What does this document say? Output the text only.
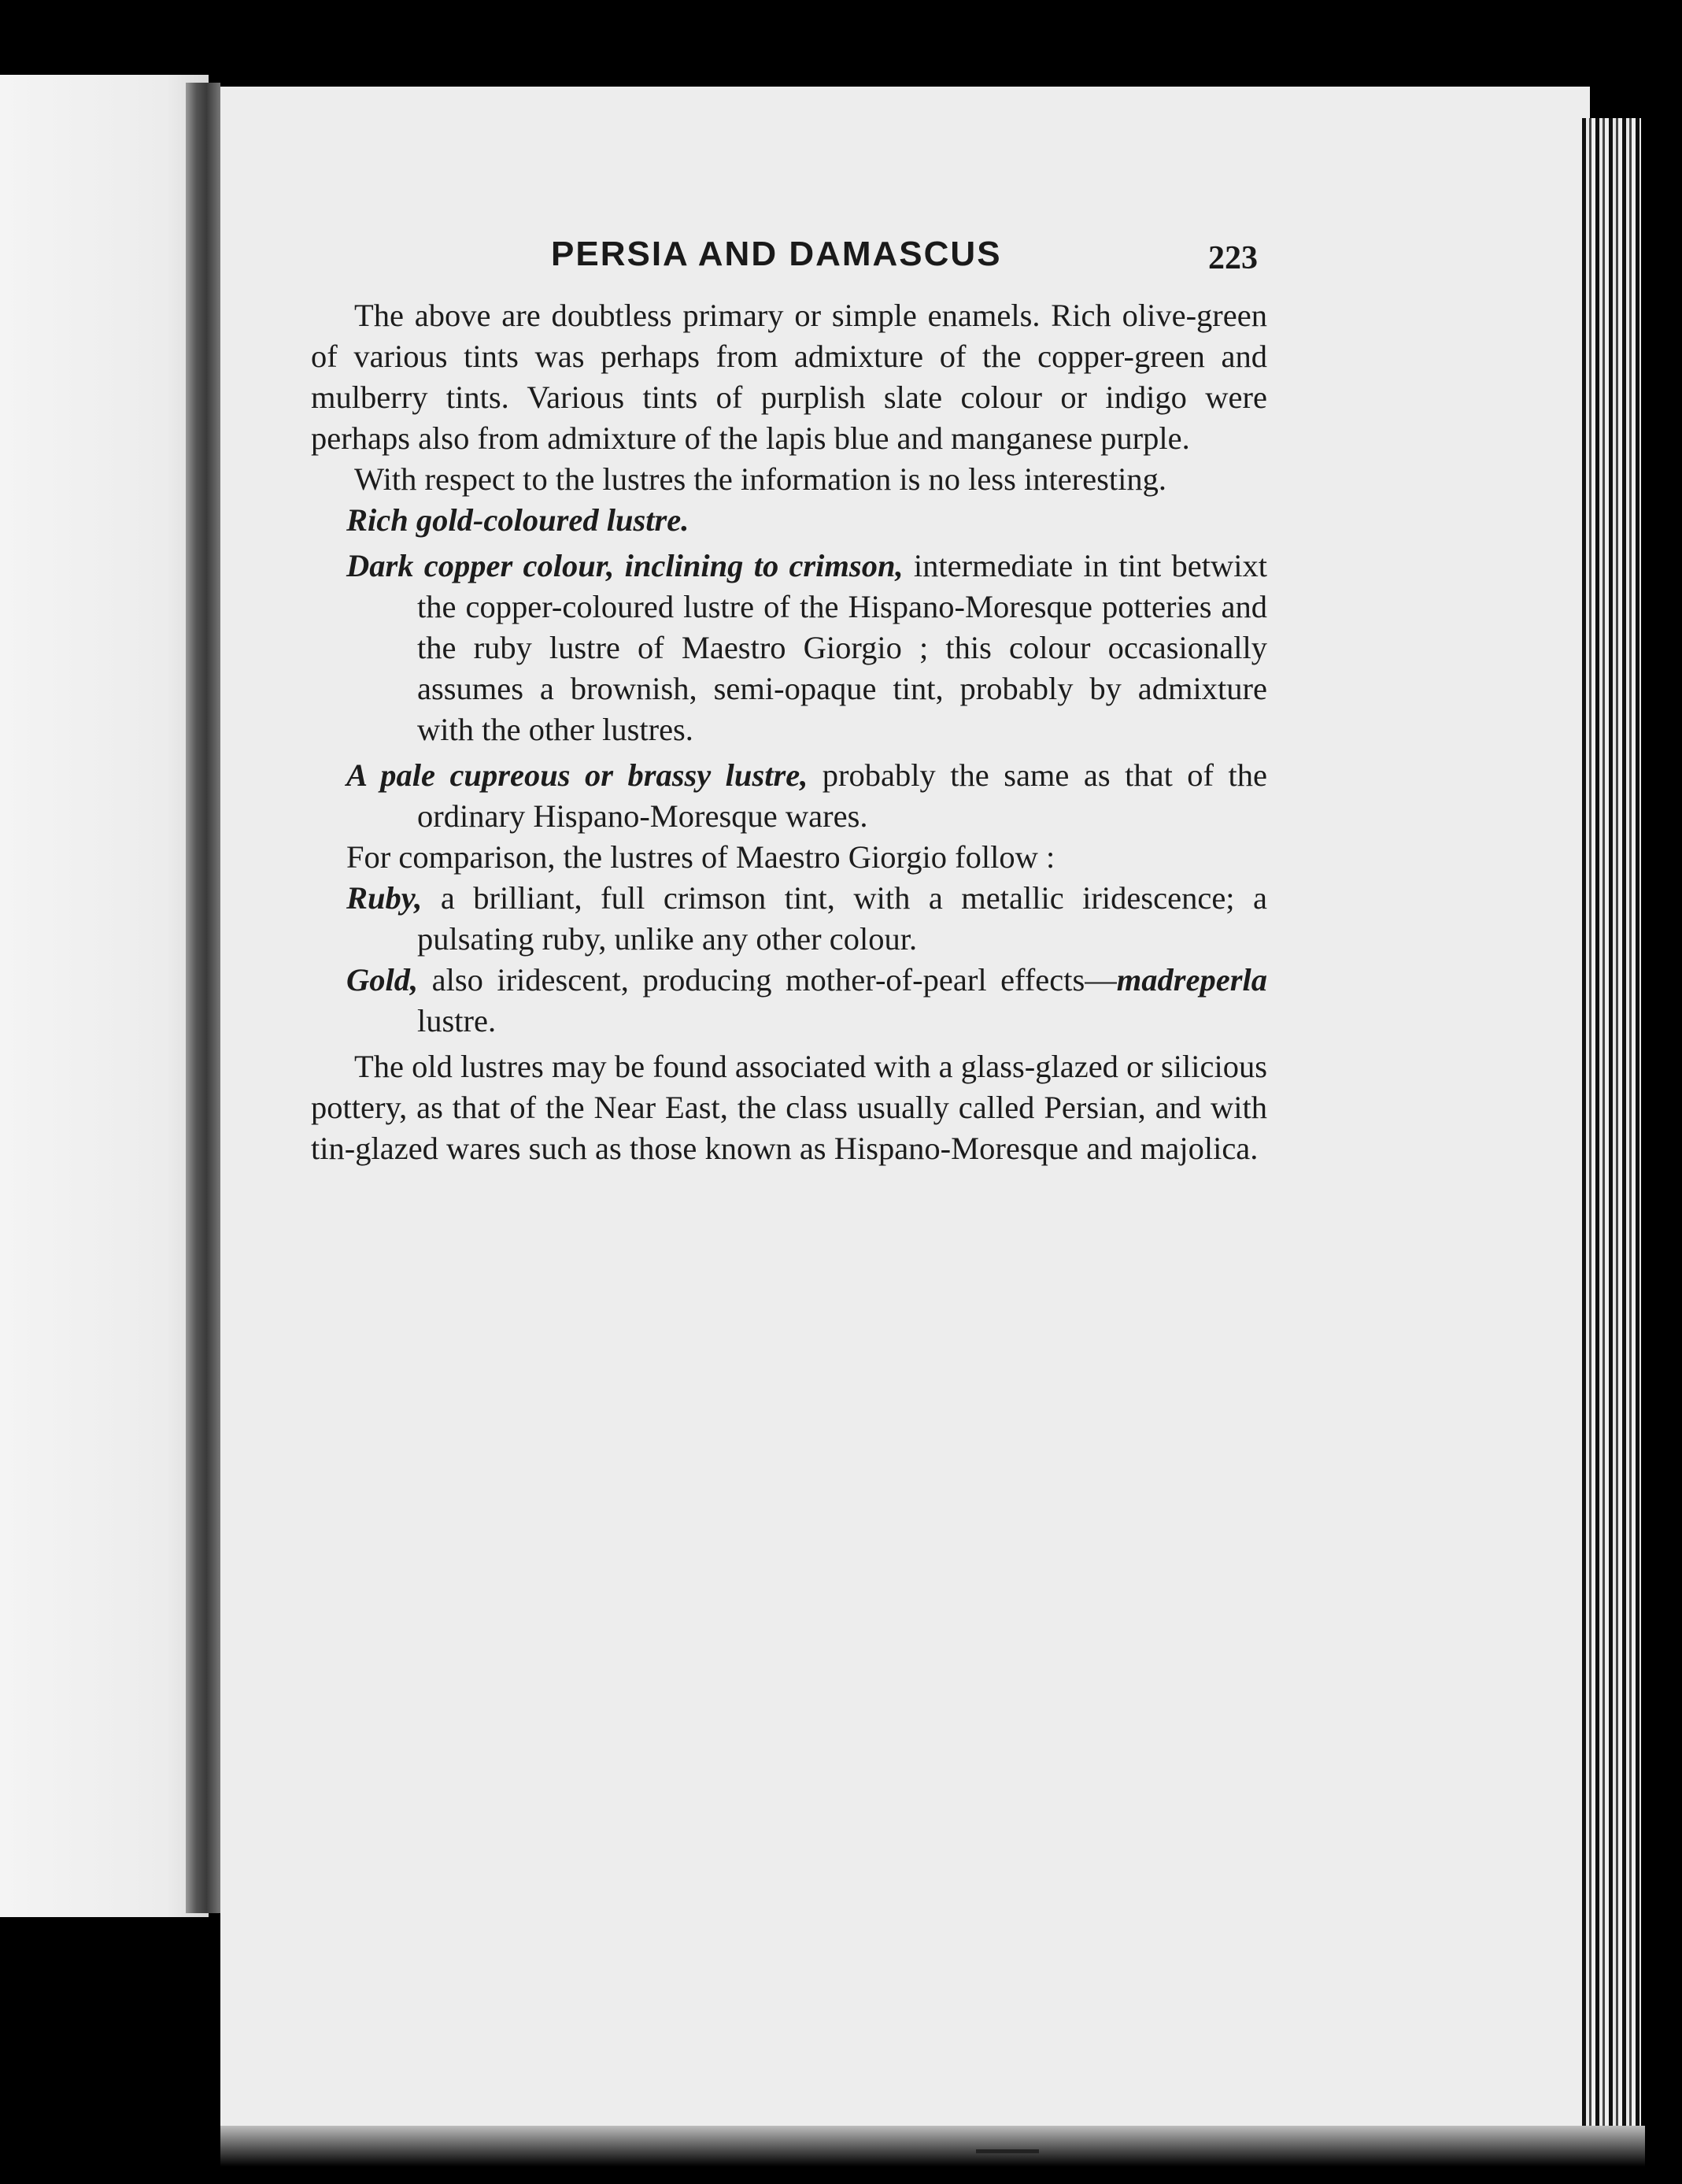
PERSIA AND DAMASCUS	223

The above are doubtless primary or simple enamels. Rich olive-green of various tints was perhaps from admixture of the copper-green and mulberry tints. Various tints of purplish slate colour or indigo were perhaps also from admixture of the lapis blue and manganese purple.

With respect to the lustres the information is no less interesting.

Rich gold-coloured lustre.

Dark copper colour, inclining to crimson, intermediate in tint betwixt the copper-coloured lustre of the Hispano-Moresque potteries and the ruby lustre of Maestro Giorgio ; this colour occasionally assumes a brownish, semi-opaque tint, probably by admixture with the other lustres.

A pale cupreous or brassy lustre, probably the same as that of the ordinary Hispano-Moresque wares.

For comparison, the lustres of Maestro Giorgio follow :

Ruby, a brilliant, full crimson tint, with a metallic iridescence; a pulsating ruby, unlike any other colour.

Gold, also iridescent, producing mother-of-pearl effects—madreperla lustre.

The old lustres may be found associated with a glass-glazed or silicious pottery, as that of the Near East, the class usually called Persian, and with tin-glazed wares such as those known as Hispano-Moresque and majolica.
